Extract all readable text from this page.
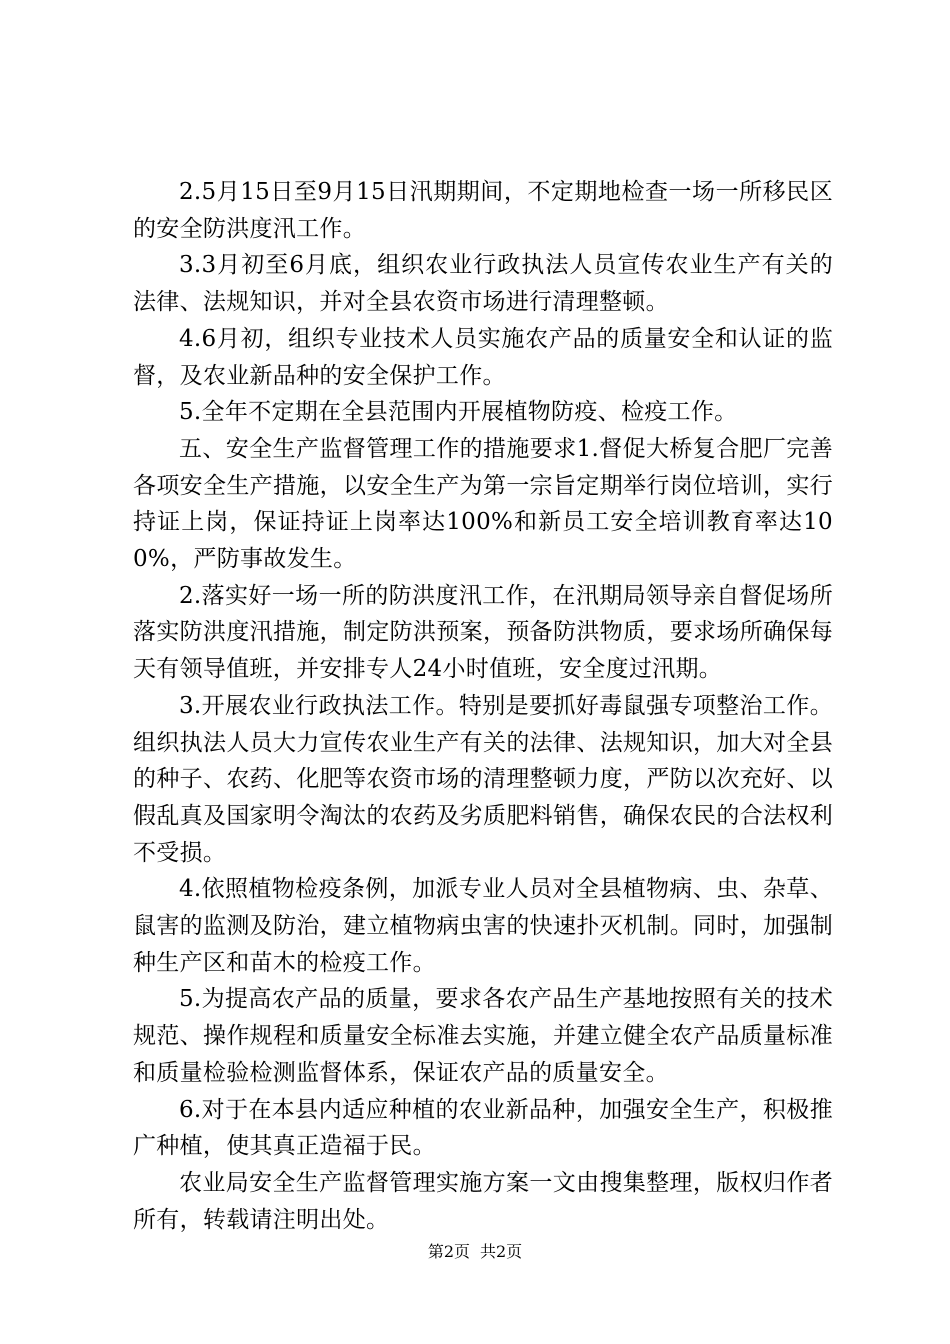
2.5月15日至9月15日汛期期间，不定期地检查一场一所移民区的安全防洪度汛工作。

3.3月初至6月底，组织农业行政执法人员宣传农业生产有关的法律、法规知识，并对全县农资市场进行清理整顿。

4.6月初，组织专业技术人员实施农产品的质量安全和认证的监督，及农业新品种的安全保护工作。

5.全年不定期在全县范围内开展植物防疫、检疫工作。

五、安全生产监督管理工作的措施要求1.督促大桥复合肥厂完善各项安全生产措施，以安全生产为第一宗旨定期举行岗位培训，实行持证上岗，保证持证上岗率达100%和新员工安全培训教育率达100%，严防事故发生。

2.落实好一场一所的防洪度汛工作，在汛期局领导亲自督促场所落实防洪度汛措施，制定防洪预案，预备防洪物质，要求场所确保每天有领导值班，并安排专人24小时值班，安全度过汛期。

3.开展农业行政执法工作。特别是要抓好毒鼠强专项整治工作。组织执法人员大力宣传农业生产有关的法律、法规知识，加大对全县的种子、农药、化肥等农资市场的清理整顿力度，严防以次充好、以假乱真及国家明令淘汰的农药及劣质肥料销售，确保农民的合法权利不受损。

4.依照植物检疫条例，加派专业人员对全县植物病、虫、杂草、鼠害的监测及防治，建立植物病虫害的快速扑灭机制。同时，加强制种生产区和苗木的检疫工作。

5.为提高农产品的质量，要求各农产品生产基地按照有关的技术规范、操作规程和质量安全标准去实施，并建立健全农产品质量标准和质量检验检测监督体系，保证农产品的质量安全。

6.对于在本县内适应种植的农业新品种，加强安全生产，积极推广种植，使其真正造福于民。

农业局安全生产监督管理实施方案一文由搜集整理，版权归作者所有，转载请注明出处。

第2页 共2页
